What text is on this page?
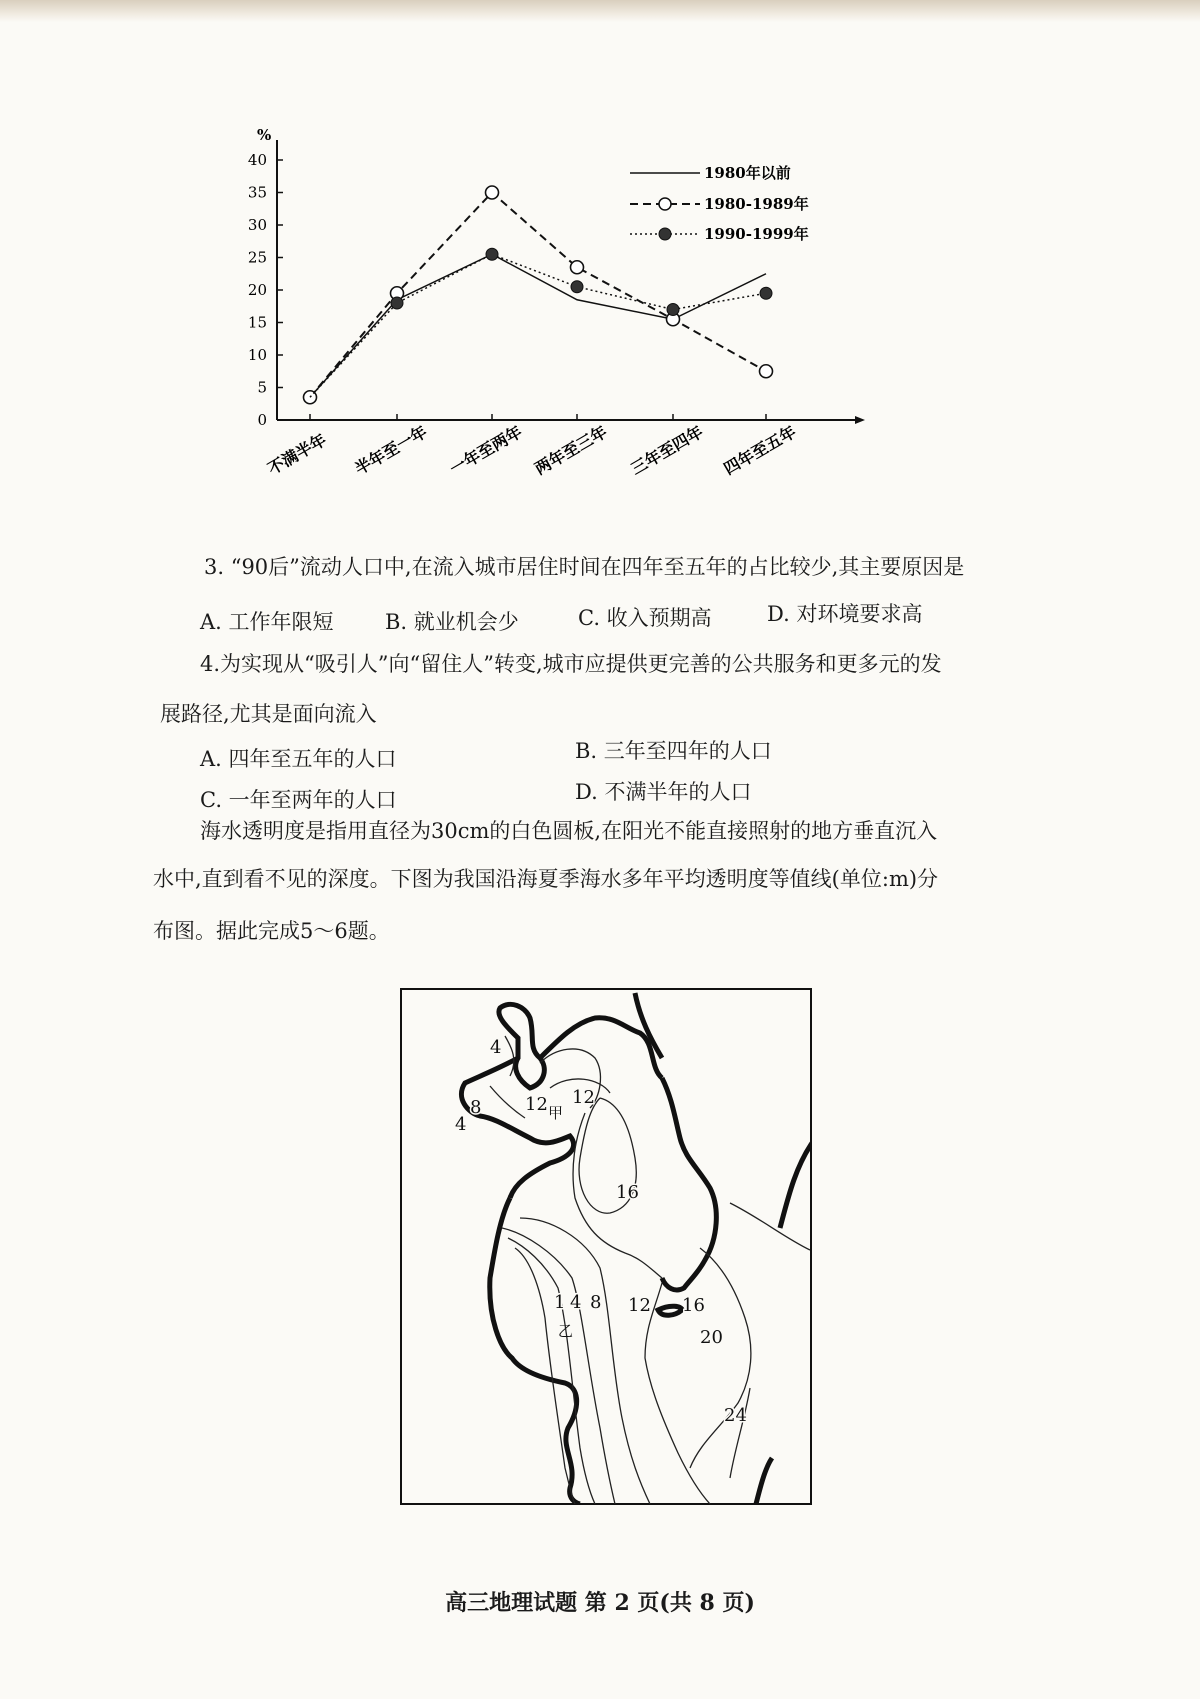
%
0
5
10
15
20
25
30
35
40
不满半年 半年至一年 一年至两年 两年至三年 三年至四年 四年至五年
1980年以前
1980-1989年
1990-1999年
3. “90后”流动人口中,在流入城市居住时间在四年至五年的占比较少,其主要原因是
A. 工作年限短 B. 就业机会少	C. 收入预期高	D. 对环境要求高
4.为实现从“吸引人”向“留住人”转变,城市应提供更完善的公共服务和更多元的发
展路径,尤其是面向流入
A. 四年至五年的人口	B. 三年至四年的人口
C. 一年至两年的人口	D. 不满半年的人口
海水透明度是指用直径为30cm的白色圆板,在阳光不能直接照射的地方垂直沉入
水中,直到看不见的深度。下图为我国沿海夏季海水多年平均透明度等值线(单位:m)分
布图。据此完成5～6题。
4
8
4
12 12
16
1 4 8 12 16
20
24
甲
乙
高三地理试题 第 2 页(共 8 页)
